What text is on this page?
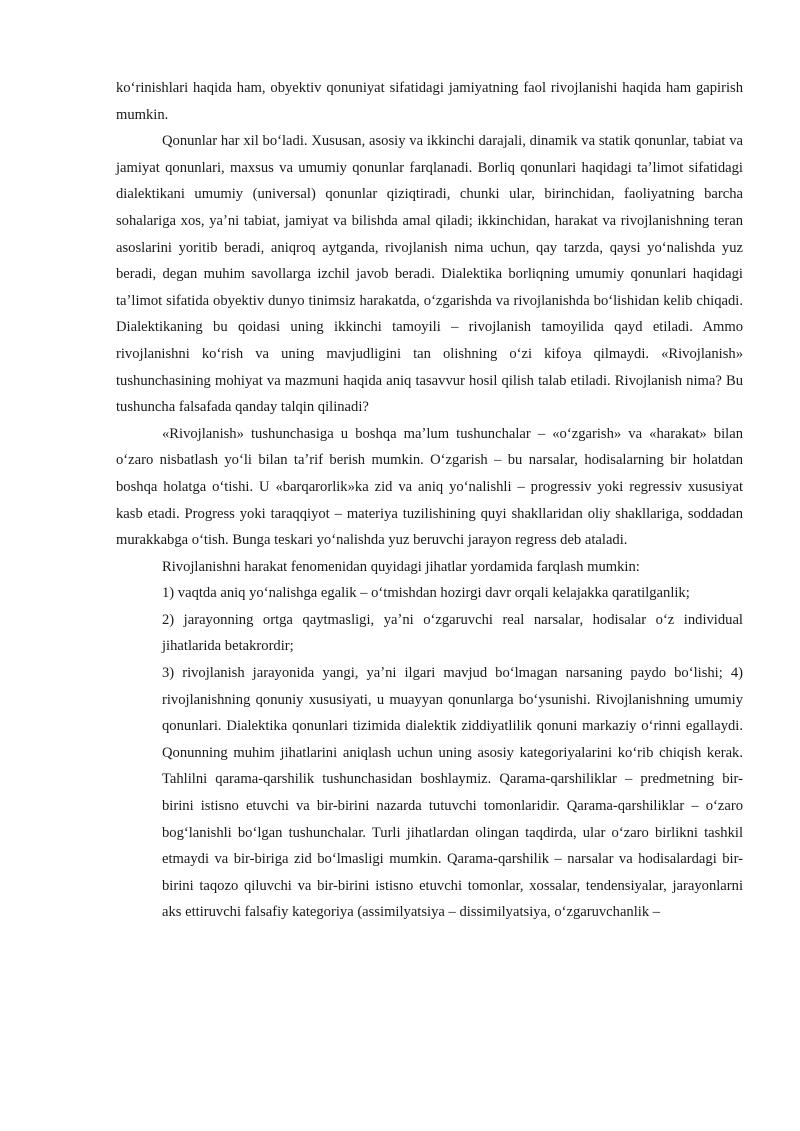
koʻrinishlari haqida ham, obyektiv qonuniyat sifatidagi jamiyatning faol rivojlanishi haqida ham gapirish mumkin.

Qonunlar har xil boʻladi. Xususan, asosiy va ikkinchi darajali, dinamik va statik qonunlar, tabiat va jamiyat qonunlari, maxsus va umumiy qonunlar farqlanadi. Borliq qonunlari haqidagi taʼlimot sifatidagi dialektikani umumiy (universal) qonunlar qiziqtiradi, chunki ular, birinchidan, faoliyatning barcha sohalariga xos, yaʼni tabiat, jamiyat va bilishda amal qiladi; ikkinchidan, harakat va rivojlanishning teran asoslarini yoritib beradi, aniqroq aytganda, rivojlanish nima uchun, qay tarzda, qaysi yoʻnalishda yuz beradi, degan muhim savollarga izchil javob beradi. Dialektika borliqning umumiy qonunlari haqidagi taʼlimot sifatida obyektiv dunyo tinimsiz harakatda, oʻzgarishda va rivojlanishda boʻlishidan kelib chiqadi. Dialektikaning bu qoidasi uning ikkinchi tamoyili – rivojlanish tamoyilida qayd etiladi. Ammo rivojlanishni koʻrish va uning mavjudligini tan olishning oʻzi kifoya qilmaydi. «Rivojlanish» tushunchasining mohiyat va mazmuni haqida aniq tasavvur hosil qilish talab etiladi. Rivojlanish nima? Bu tushuncha falsafada qanday talqin qilinadi?

«Rivojlanish» tushunchasiga u boshqa maʼlum tushunchalar – «oʻzgarish» va «harakat» bilan oʻzaro nisbatlash yoʻli bilan taʼrif berish mumkin. Oʻzgarish – bu narsalar, hodisalarning bir holatdan boshqa holatga oʻtishi. U «barqarorlik»ka zid va aniq yoʻnalishli – progressiv yoki regressiv xususiyat kasb etadi. Progress yoki taraqqiyot – materiya tuzilishining quyi shakllaridan oliy shakllariga, soddadan murakkabga oʻtish. Bunga teskari yoʻnalishda yuz beruvchi jarayon regress deb ataladi.

Rivojlanishni harakat fenomenidan quyidagi jihatlar yordamida farqlash mumkin:

1) vaqtda aniq yoʻnalishga egalik – oʻtmishdan hozirgi davr orqali kelajakka qaratilganlik;

2) jarayonning ortga qaytmasligi, yaʼni oʻzgaruvchi real narsalar, hodisalar oʻz individual jihatlarida betakrordir;

3) rivojlanish jarayonida yangi, yaʼni ilgari mavjud boʻlmagan narsaning paydo boʻlishi; 4) rivojlanishning qonuniy xususiyati, u muayyan qonunlarga boʻysunishi. Rivojlanishning umumiy qonunlari. Dialektika qonunlari tizimida dialektik ziddiyatlilik qonuni markaziy oʻrinni egallaydi. Qonunning muhim jihatlarini aniqlash uchun uning asosiy kategoriyalarini koʻrib chiqish kerak. Tahlilni qarama-qarshilik tushunchasidan boshlaymiz. Qarama-qarshiliklar – predmetning bir-birini istisno etuvchi va bir-birini nazarda tutuvchi tomonlaridir. Qarama-qarshiliklar – oʻzaro bogʻlanishli boʻlgan tushunchalar. Turli jihatlardan olingan taqdirda, ular oʻzaro birlikni tashkil etmaydi va bir-biriga zid boʻlmasligi mumkin. Qarama-qarshilik – narsalar va hodisalardagi bir-birini taqozo qiluvchi va bir-birini istisno etuvchi tomonlar, xossalar, tendensiyalar, jarayonlarni aks ettiruvchi falsafiy kategoriya (assimilyatsiya – dissimilyatsiya, oʻzgaruvchanlik –
